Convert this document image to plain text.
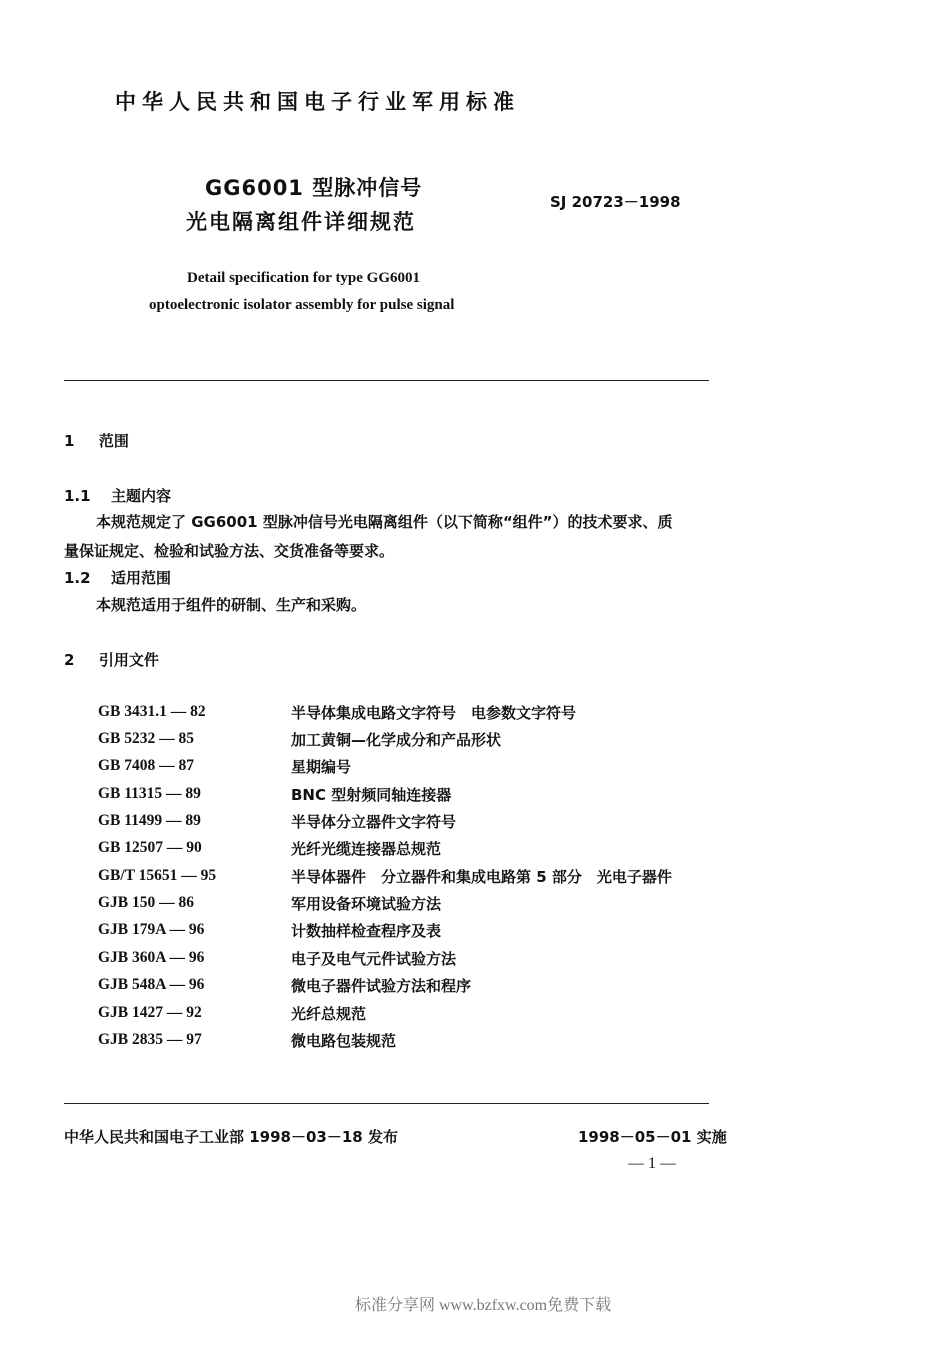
中华人民共和国电子行业军用标准
GG6001 型脉冲信号
光电隔离组件详细规范
SJ 20723－1998
Detail specification for type GG6001
optoelectronic isolator assembly for pulse signal
1 范围
1.1 主题内容
本规范规定了 GG6001 型脉冲信号光电隔离组件（以下简称“组件”）的技术要求、质
量保证规定、检验和试验方法、交货准备等要求。
1.2 适用范围
本规范适用于组件的研制、生产和采购。
2 引用文件
GB 3431.1 — 82	半导体集成电路文字符号　电参数文字符号
GB 5232 — 85	加工黄铜—化学成分和产品形状
GB 7408 — 87	星期编号
GB 11315 — 89	BNC 型射频同轴连接器
GB 11499 — 89	半导体分立器件文字符号
GB 12507 — 90	光纤光缆连接器总规范
GB/T 15651 — 95	半导体器件　分立器件和集成电路第 5 部分　光电子器件
GJB 150 — 86	军用设备环境试验方法
GJB 179A — 96	计数抽样检查程序及表
GJB 360A — 96	电子及电气元件试验方法
GJB 548A — 96	微电子器件试验方法和程序
GJB 1427 — 92	光纤总规范
GJB 2835 — 97	微电路包装规范
中华人民共和国电子工业部 1998－03－18 发布	1998－05－01 实施
— 1 —
标准分享网 www.bzfxw.com免费下载
